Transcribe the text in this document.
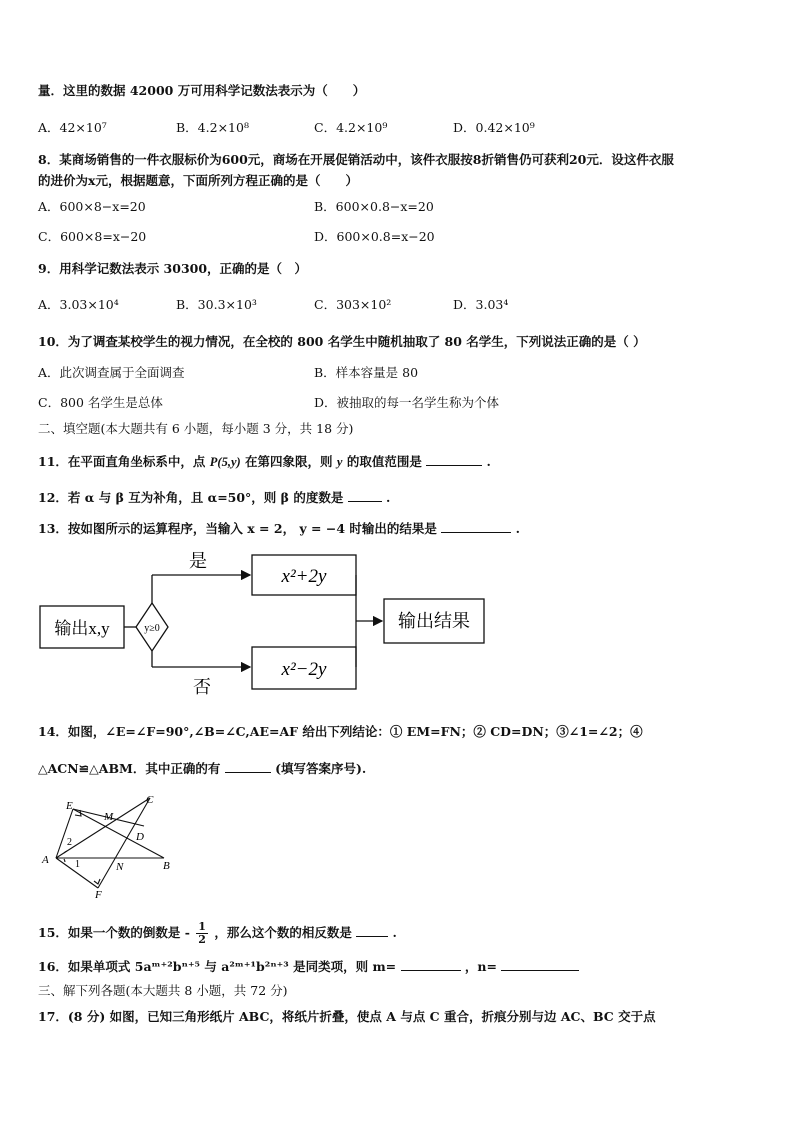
量．这里的数据 42000 万可用科学记数法表示为（　　）
A．42×10⁷	B．4.2×10⁸	C．4.2×10⁹	D．0.42×10⁹
8．某商场销售的一件衣服标价为600元，商场在开展促销活动中，该件衣服按8折销售仍可获利20元．设这件衣服
的进价为x元，根据题意，下面所列方程正确的是（　　）
A．600×8−x=20	B．600×0.8−x=20
C．600×8=x−20	D．600×0.8=x−20
9．用科学记数法表示 30300，正确的是（　）
A．3.03×10⁴	B．30.3×10³	C．303×10²	D．3.03⁴
10．为了调查某校学生的视力情况，在全校的 800 名学生中随机抽取了 80 名学生，下列说法正确的是（ ）
A．此次调查属于全面调查	B．样本容量是 80
C．800 名学生是总体	D．被抽取的每一名学生称为个体
二、填空题(本大题共有 6 小题，每小题 3 分，共 18 分)
11．在平面直角坐标系中，点 P(5,y) 在第四象限，则 y 的取值范围是	.
12．若 α 与 β 互为补角，且 α=50°，则 β 的度数是	.
13．按如图所示的运算程序，当输入 x = 2， y = −4 时输出的结果是	.
输出x,y	y≥0
是
x²+2y
否
x²−2y
输出结果
14．如图，∠E=∠F=90°,∠B=∠C,AE=AF 给出下列结论：① EM=FN；② CD=DN；③∠1=∠2；④
△ACN≌△ABM．其中正确的有	(填写答案序号).
E
M
C
2	D
A	1	N	B
F
15．如果一个数的倒数是 - $\frac{1}{2}$ ，那么这个数的相反数是	.
16．如果单项式 5aᵐ⁺²bⁿ⁺⁵ 与 a²ᵐ⁺¹b²ⁿ⁺³ 是同类项，则 m=	，n=
三、解下列各题(本大题共 8 小题，共 72 分)
17．(8 分) 如图，已知三角形纸片 ABC，将纸片折叠，使点 A 与点 C 重合，折痕分别与边 AC、BC 交于点
